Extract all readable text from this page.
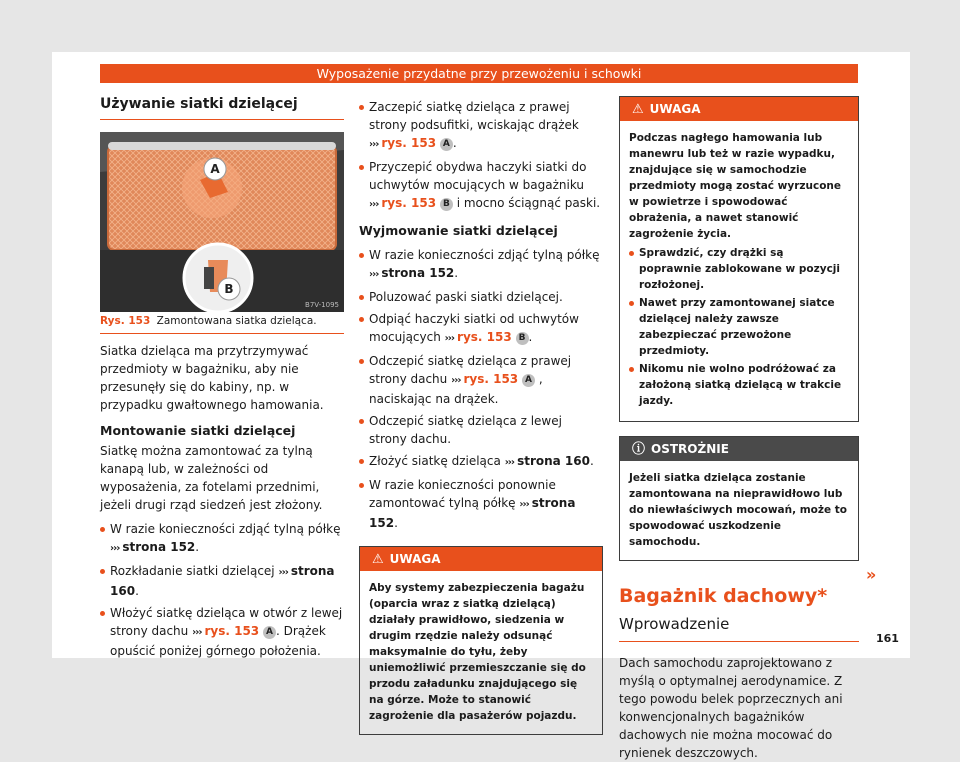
Wyposażenie przydatne przy przewożeniu i schowki
Używanie siatki dzielącej
A
B
B7V-1095
Rys. 153 Zamontowana siatka dzieląca.

Siatka dzieląca ma przytrzymywać przedmioty w bagażniku, aby nie przesunęły się do kabiny, np. w przypadku gwałtownego hamowania.

Montowanie siatki dzielącej

Siatkę można zamontować za tylną kanapą lub, w zależności od wyposażenia, za fotelami przednimi, jeżeli drugi rząd siedzeń jest złożony.

W razie konieczności zdjąć tylną półkę ››› strona 152.
Rozkładanie siatki dzielącej ››› strona 160.
Włożyć siatkę dzieląca w otwór z lewej strony dachu ››› rys. 153 A . Drążek opuścić poniżej górnego położenia.
Zaczepić siatkę dzieląca z prawej strony podsufitki, wciskając drążek ››› rys. 153 A .
Przyczepić obydwa haczyki siatki do uchwytów mocujących w bagażniku ››› rys. 153 B i mocno ściągnąć paski.
Wyjmowanie siatki dzielącej
W razie konieczności zdjąć tylną półkę ››› strona 152.
Poluzować paski siatki dzielącej.
Odpiąć haczyki siatki od uchwytów mocujących ››› rys. 153 B .
Odczepić siatkę dzieląca z prawej strony dachu ››› rys. 153 A , naciskając na drążek.
Odczepić siatkę dzieląca z lewej strony dachu.
Złożyć siatkę dzieląca ››› strona 160.
W razie konieczności ponownie zamontować tylną półkę ››› strona 152.
⚠ UWAGA
Aby systemy zabezpieczenia bagażu (oparcia wraz z siatką dzielącą) działały prawidłowo, siedzenia w drugim rzędzie należy odsunąć maksymalnie do tyłu, żeby uniemożliwić przemieszczanie się do przodu załadunku znajdującego się na górze. Może to stanowić zagrożenie dla pasażerów pojazdu.
⚠ UWAGA
Podczas nagłego hamowania lub manewru lub też w razie wypadku, znajdujące się w samochodzie przedmioty mogą zostać wyrzucone w powietrze i spowodować obrażenia, a nawet stanowić zagrożenie życia.
Sprawdzić, czy drążki są poprawnie zablokowane w pozycji rozłożonej.
Nawet przy zamontowanej siatce dzielącej należy zawsze zabezpieczać przewożone przedmioty.
Nikomu nie wolno podróżować za założoną siatką dzielącą w trakcie jazdy.
ⓘ OSTROŻNIE
Jeżeli siatka dzieląca zostanie zamontowana na nieprawidłowo lub do niewłaściwych mocowań, może to spowodować uszkodzenie samochodu.
Bagażnik dachowy*
Wprowadzenie

Dach samochodu zaprojektowano z myślą o optymalnej aerodynamice. Z tego powodu belek poprzecznych ani konwencjonalnych bagażników dachowych nie można mocować do rynienek deszczowych.

»
161
